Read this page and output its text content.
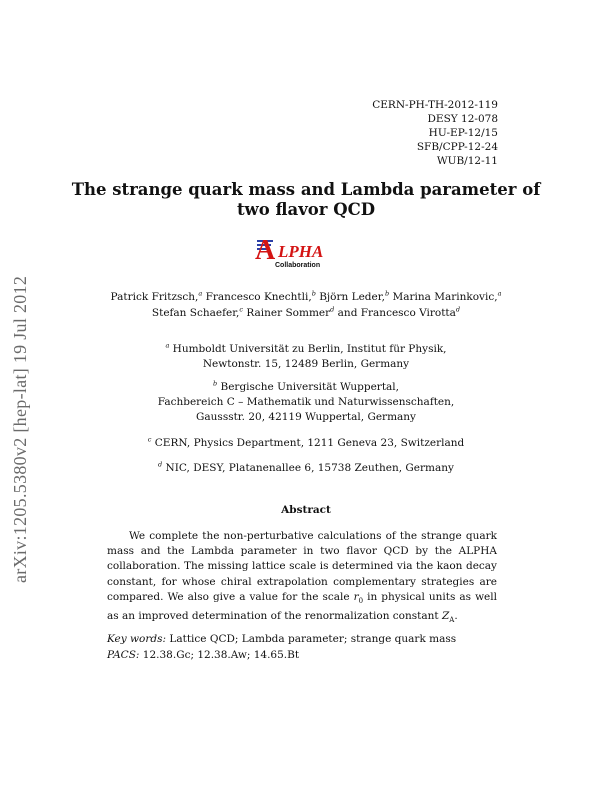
arXiv:1205.5380v2 [hep-lat] 19 Jul 2012
CERN-PH-TH-2012-119
DESY 12-078
HU-EP-12/15
SFB/CPP-12-24
WUB/12-11
The strange quark mass and Lambda parameter of
two flavor QCD
A LPHA
Collaboration
Patrick Fritzsch,$^a$ Francesco Knechtli,$^b$ Björn Leder,$^b$ Marina Marinkovic,$^a$
Stefan Schaefer,$^c$ Rainer Sommer$^d$ and Francesco Virotta$^d$
$^a$ Humboldt Universität zu Berlin, Institut für Physik,
Newtonstr. 15, 12489 Berlin, Germany
$^b$ Bergische Universität Wuppertal,
Fachbereich C – Mathematik und Naturwissenschaften,
Gaussstr. 20, 42119 Wuppertal, Germany
$^c$ CERN, Physics Department, 1211 Geneva 23, Switzerland
$^d$ NIC, DESY, Platanenallee 6, 15738 Zeuthen, Germany
Abstract
We complete the non-perturbative calculations of the strange quark mass and the Lambda parameter in two flavor QCD by the ALPHA collaboration. The missing lattice scale is determined via the kaon decay constant, for whose chiral extrapolation complementary strategies are compared. We also give a value for the scale $r_0$ in physical units as well as an improved determination of the renormalization constant $Z_A$.
Key words: Lattice QCD; Lambda parameter; strange quark mass
PACS: 12.38.Gc; 12.38.Aw; 14.65.Bt
